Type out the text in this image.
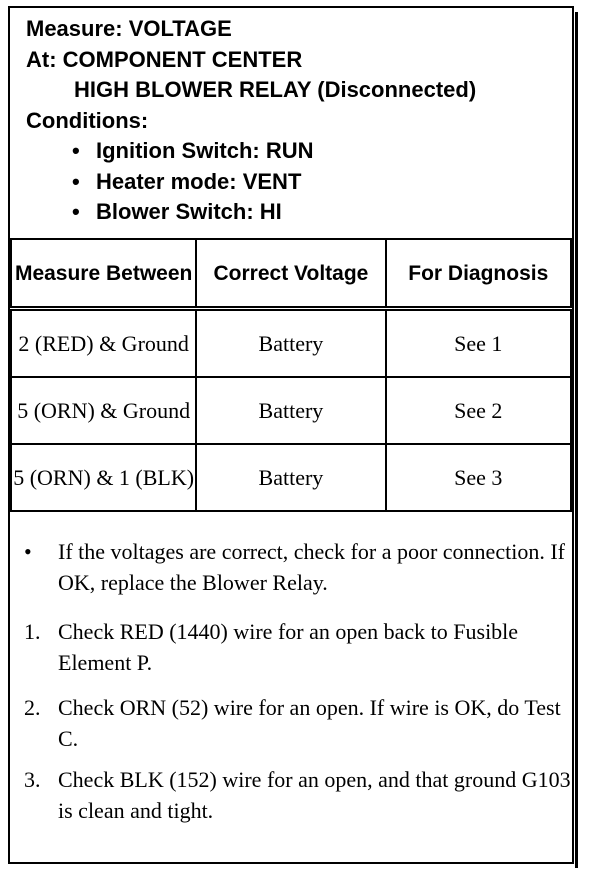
Measure: VOLTAGE
At: COMPONENT CENTER
HIGH BLOWER RELAY (Disconnected)
Conditions:
• Ignition Switch: RUN
• Heater mode: VENT
• Blower Switch: HI
Measure Between	Correct Voltage	For Diagnosis
2 (RED) & Ground	Battery	See 1
5 (ORN) & Ground	Battery	See 2
5 (ORN) & 1 (BLK)	Battery	See 3
• If the voltages are correct, check for a poor connection. If OK, replace the Blower Relay.
1. Check RED (1440) wire for an open back to Fusible Element P.
2. Check ORN (52) wire for an open. If wire is OK, do Test C.
3. Check BLK (152) wire for an open, and that ground G103 is clean and tight.
